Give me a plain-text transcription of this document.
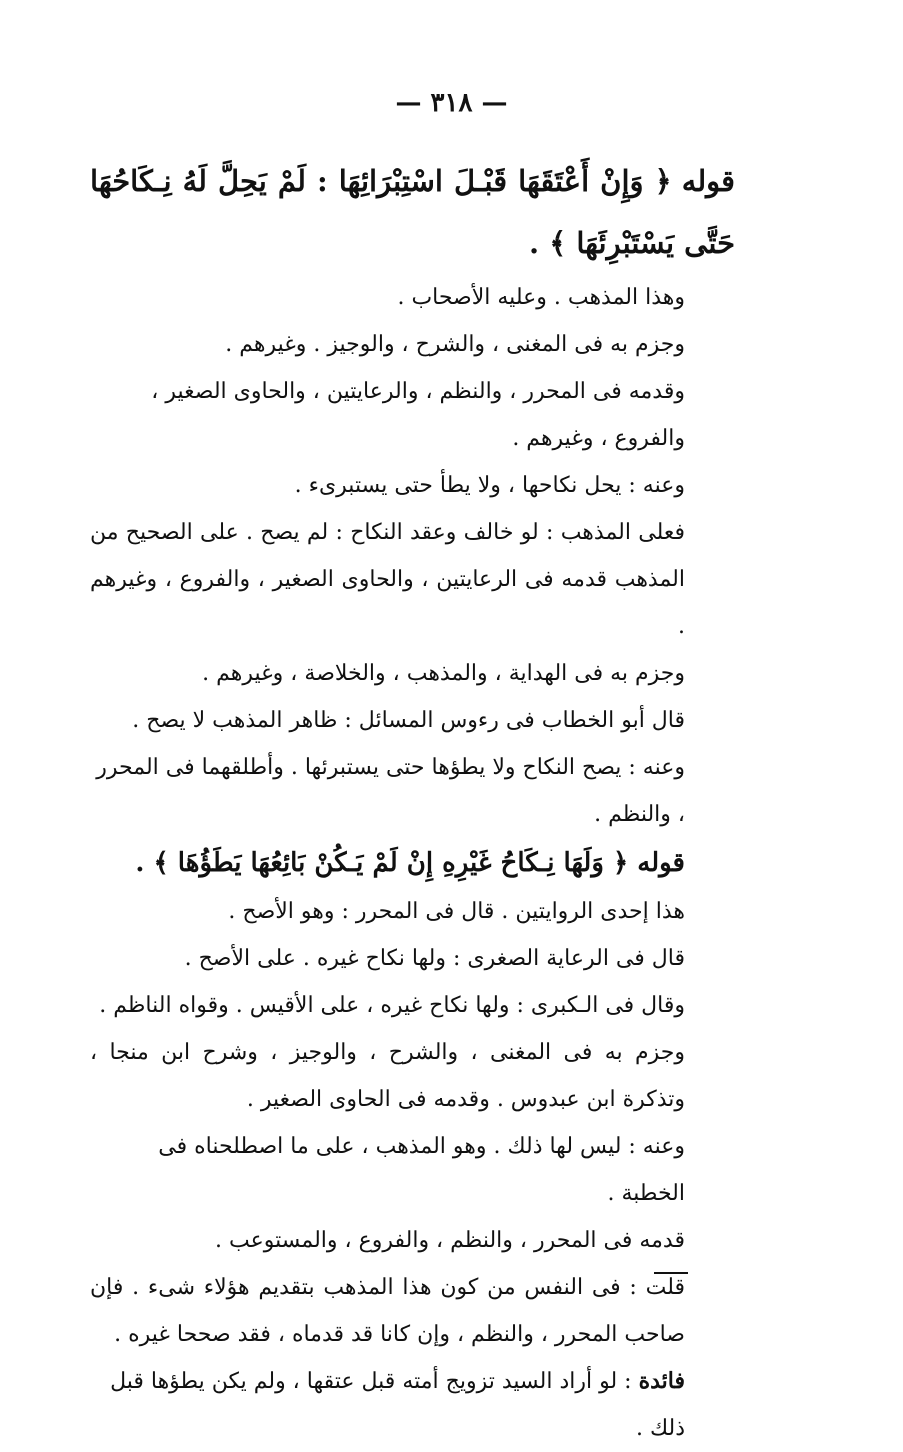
— ٣١٨ —

قوله ﴿ وَإِنْ أَعْتَقَهَا قَبْـلَ اسْتِبْرَائِهَا : لَمْ يَحِلَّ لَهُ نِـكَاحُهَا حَتَّى يَسْتَبْرِئَهَا ﴾ .

وهذا المذهب . وعليه الأصحاب .

وجزم به فى المغنى ، والشرح ، والوجيز . وغيرهم .

وقدمه فى المحرر ، والنظم ، والرعايتين ، والحاوى الصغير ، والفروع ، وغيرهم .

وعنه : يحل نكاحها ، ولا يطأ حتى يستبرىء .

فعلى المذهب : لو خالف وعقد النكاح : لم يصح . على الصحيح من المذهب قدمه فى الرعايتين ، والحاوى الصغير ، والفروع ، وغيرهم .

وجزم به فى الهداية ، والمذهب ، والخلاصة ، وغيرهم .

قال أبو الخطاب فى رءوس المسائل : ظاهر المذهب لا يصح .

وعنه : يصح النكاح ولا يطؤها حتى يستبرئها . وأطلقهما فى المحرر ، والنظم .

قوله ﴿ وَلَهَا نِـكَاحُ غَيْرِهِ إِنْ لَمْ يَـكُنْ بَائِعُهَا يَطَؤُهَا ﴾ .

هذا إحدى الروايتين . قال فى المحرر : وهو الأصح .

قال فى الرعاية الصغرى : ولها نكاح غيره . على الأصح .

وقال فى الـكبرى : ولها نكاح غيره ، على الأقيس . وقواه الناظم .

وجزم به فى المغنى ، والشرح ، والوجيز ، وشرح ابن منجا ، وتذكرة ابن عبدوس . وقدمه فى الحاوى الصغير .

وعنه : ليس لها ذلك . وهو المذهب ، على ما اصطلحناه فى الخطبة .

قدمه فى المحرر ، والنظم ، والفروع ، والمستوعب .

قلت : فى النفس من كون هذا المذهب بتقديم هؤلاء شىء . فإن صاحب المحرر ، والنظم ، وإن كانا قد قدماه ، فقد صححا غيره .

فائدة : لو أراد السيد تزويج أمته قبل عتقها ، ولم يكن يطؤها قبل ذلك .
